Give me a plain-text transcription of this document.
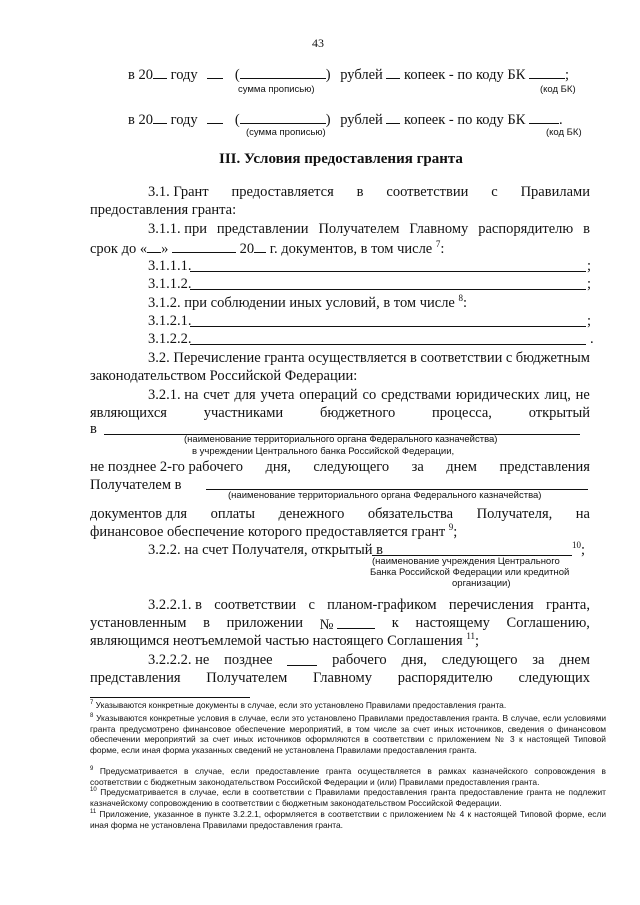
43
в 20 году	(	) рублей копеек - по коду БК	;
сумма прописью)	(код БК)
в 20 году	(	) рублей копеек - по коду БК .
(сумма прописью)	(код БК)
III. Условия предоставления гранта
3.1. Грант предоставляется в соответствии с Правилами
предоставления гранта:
3.1.1. при представлении Получателем Главному распорядителю в
срок до « »	20 г. документов, в том числе $^7$:
3.1.1.1.	;
3.1.1.2.	;
3.1.2. при соблюдении иных условий, в том числе $^8$:
3.1.2.1.	;
3.1.2.2.	.
3.2. Перечисление гранта осуществляется в соответствии с бюджетным
законодательством Российской Федерации:
3.2.1. на счет для учета операций со средствами юридических лиц, не
являющихся	участниками	бюджетного	процесса,	открытый
в
(наименование территориального органа Федерального казначейства)
в учреждении Центрального банка Российской Федерации,
не позднее 2-го рабочего дня, следующего за днем представления
Получателем в
(наименование территориального органа Федерального казначейства)
документов для оплаты денежного обязательства Получателя, на
финансовое обеспечение которого предоставляется грант $^9$;
3.2.2. на счет Получателя, открытый в	$^{10}$;
(наименование учреждения Центрального
Банка Российской Федерации или кредитной
организации)
3.2.2.1. в соответствии с планом-графиком перечисления гранта,
установленным в приложении №	к настоящему Соглашению,
являющимся неотъемлемой частью настоящего Соглашения $^{11}$;
3.2.2.2. не позднее	рабочего дня, следующего за днем
представления Получателем Главному распорядителю следующих
$^7$ Указываются конкретные документы в случае, если это установлено Правилами предоставления гранта.
$^8$ Указываются конкретные условия в случае, если это установлено Правилами предоставления гранта. В случае, если условиями гранта предусмотрено финансовое обеспечение мероприятий, в том числе за счет иных источников, сведения о финансовом обеспечении мероприятий за счет иных источников оформляются в соответствии с приложением № 3 к настоящей Типовой форме, если иная форма указанных сведений не установлена Правилами предоставления гранта.
$^9$ Предусматривается в случае, если предоставление гранта осуществляется в рамках казначейского сопровождения в соответствии с бюджетным законодательством Российской Федерации и (или) Правилами предоставления гранта.
$^{10}$ Предусматривается в случае, если в соответствии с Правилами предоставления гранта предоставление гранта не подлежит казначейскому сопровождению в соответствии с бюджетным законодательством Российской Федерации.
$^{11}$ Приложение, указанное в пункте 3.2.2.1, оформляется в соответствии с приложением № 4 к настоящей Типовой форме, если иная форма не установлена Правилами предоставления гранта.
